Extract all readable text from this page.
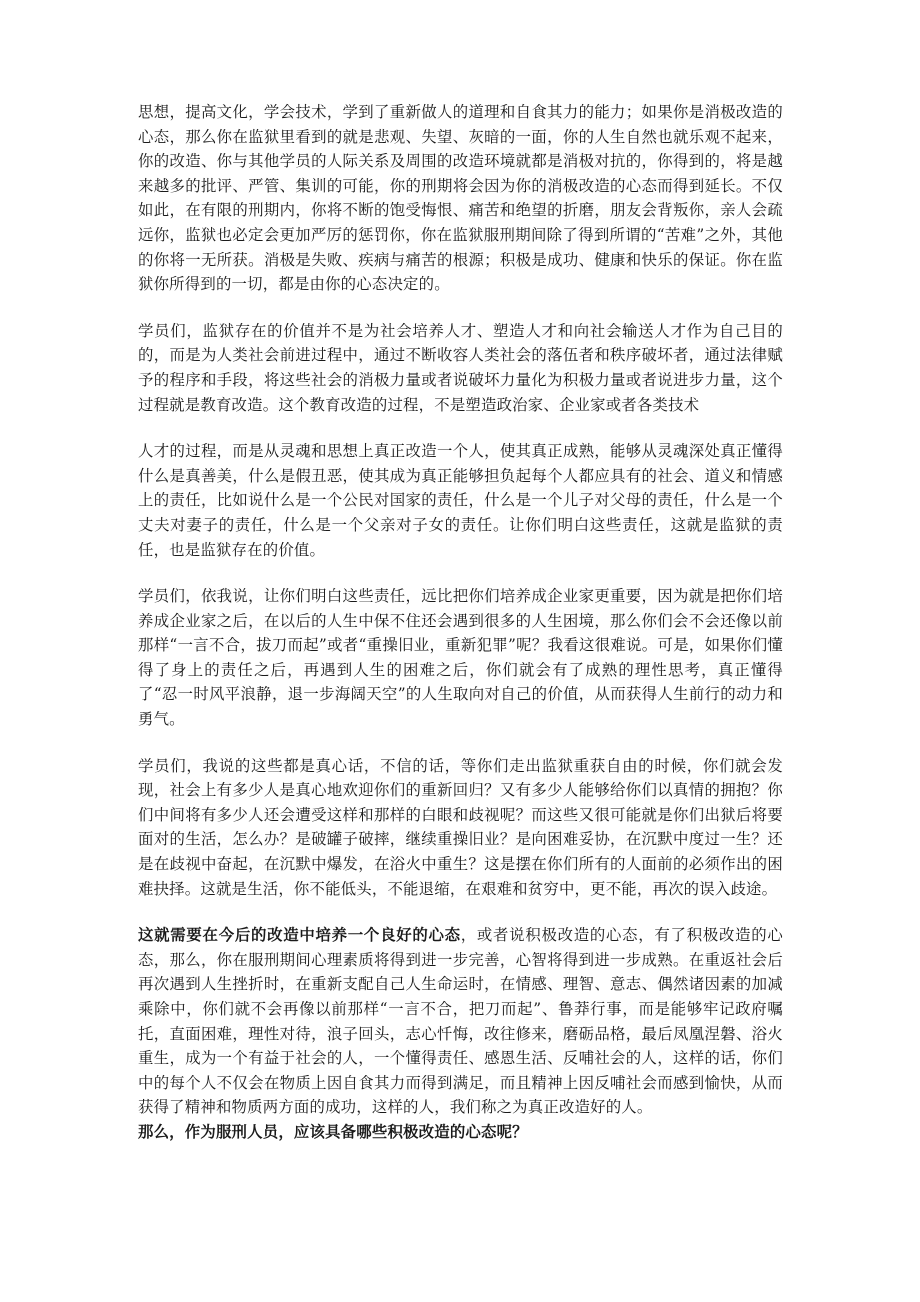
思想，提高文化，学会技术，学到了重新做人的道理和自食其力的能力；如果你是消极改造的心态，那么你在监狱里看到的就是悲观、失望、灰暗的一面，你的人生自然也就乐观不起来，你的改造、你与其他学员的人际关系及周围的改造环境就都是消极对抗的，你得到的，将是越来越多的批评、严管、集训的可能，你的刑期将会因为你的消极改造的心态而得到延长。不仅如此，在有限的刑期内，你将不断的饱受悔恨、痛苦和绝望的折磨，朋友会背叛你，亲人会疏远你，监狱也必定会更加严厉的惩罚你，你在监狱服刑期间除了得到所谓的“苦难”之外，其他的你将一无所获。消极是失败、疾病与痛苦的根源；积极是成功、健康和快乐的保证。你在监狱你所得到的一切，都是由你的心态决定的。

学员们，监狱存在的价值并不是为社会培养人才、塑造人才和向社会输送人才作为自己目的的，而是为人类社会前进过程中，通过不断收容人类社会的落伍者和秩序破坏者，通过法律赋予的程序和手段，将这些社会的消极力量或者说破坏力量化为积极力量或者说进步力量，这个过程就是教育改造。这个教育改造的过程，不是塑造政治家、企业家或者各类技术

人才的过程，而是从灵魂和思想上真正改造一个人，使其真正成熟，能够从灵魂深处真正懂得什么是真善美，什么是假丑恶，使其成为真正能够担负起每个人都应具有的社会、道义和情感上的责任，比如说什么是一个公民对国家的责任，什么是一个儿子对父母的责任，什么是一个丈夫对妻子的责任，什么是一个父亲对子女的责任。让你们明白这些责任，这就是监狱的责任，也是监狱存在的价值。

学员们，依我说，让你们明白这些责任，远比把你们培养成企业家更重要，因为就是把你们培养成企业家之后，在以后的人生中保不住还会遇到很多的人生困境，那么你们会不会还像以前那样“一言不合，拔刀而起”或者“重操旧业，重新犯罪”呢？我看这很难说。可是，如果你们懂得了身上的责任之后，再遇到人生的困难之后，你们就会有了成熟的理性思考，真正懂得了“忍一时风平浪静，退一步海阔天空”的人生取向对自己的价值，从而获得人生前行的动力和勇气。

学员们，我说的这些都是真心话，不信的话，等你们走出监狱重获自由的时候，你们就会发现，社会上有多少人是真心地欢迎你们的重新回归？又有多少人能够给你们以真情的拥抱？你们中间将有多少人还会遭受这样和那样的白眼和歧视呢？而这些又很可能就是你们出狱后将要面对的生活，怎么办？是破罐子破摔，继续重操旧业？是向困难妥协，在沉默中度过一生？还是在歧视中奋起，在沉默中爆发，在浴火中重生？这是摆在你们所有的人面前的必须作出的困难抉择。这就是生活，你不能低头，不能退缩，在艰难和贫穷中，更不能，再次的误入歧途。

这就需要在今后的改造中培养一个良好的心态，或者说积极改造的心态，有了积极改造的心态，那么，你在服刑期间心理素质将得到进一步完善，心智将得到进一步成熟。在重返社会后再次遇到人生挫折时，在重新支配自己人生命运时，在情感、理智、意志、偶然诸因素的加减乘除中，你们就不会再像以前那样“一言不合，把刀而起”、鲁莽行事，而是能够牢记政府嘱托，直面困难，理性对待，浪子回头，志心忏悔，改往修来，磨砺品格，最后凤凰涅磐、浴火重生，成为一个有益于社会的人，一个懂得责任、感恩生活、反哺社会的人，这样的话，你们中的每个人不仅会在物质上因自食其力而得到满足，而且精神上因反哺社会而感到愉快，从而获得了精神和物质两方面的成功，这样的人，我们称之为真正改造好的人。
那么，作为服刑人员，应该具备哪些积极改造的心态呢？
